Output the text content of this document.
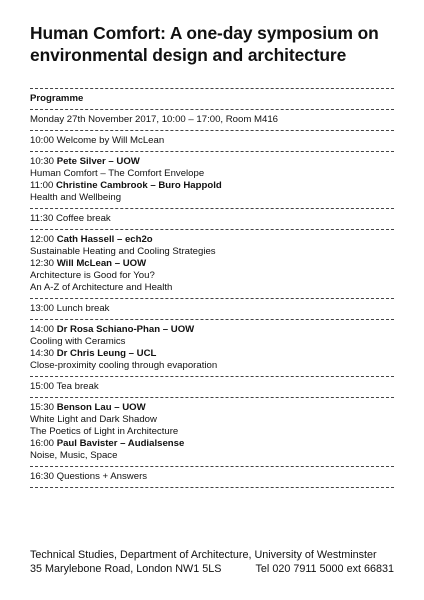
Human Comfort: A one-day symposium on
environmental design and architecture
Programme
Monday 27th November 2017, 10:00 – 17:00, Room M416
10:00 Welcome by Will McLean
10:30 Pete Silver – UOW
Human Comfort – The Comfort Envelope
11:00 Christine Cambrook – Buro Happold
Health and Wellbeing
11:30 Coffee break
12:00 Cath Hassell – ech2o
Sustainable Heating and Cooling Strategies
12:30 Will McLean – UOW
Architecture is Good for You?
An A-Z of Architecture and Health
13:00 Lunch break
14:00 Dr Rosa Schiano-Phan – UOW
Cooling with Ceramics
14:30 Dr Chris Leung – UCL
Close-proximity cooling through evaporation
15:00 Tea break
15:30 Benson Lau – UOW
White Light and Dark Shadow
The Poetics of Light in Architecture
16:00 Paul Bavister – Audialsense
Noise, Music, Space
16:30 Questions + Answers
Technical Studies, Department of Architecture, University of Westminster
35 Marylebone Road, London NW1 5LS	Tel 020 7911 5000 ext 66831
